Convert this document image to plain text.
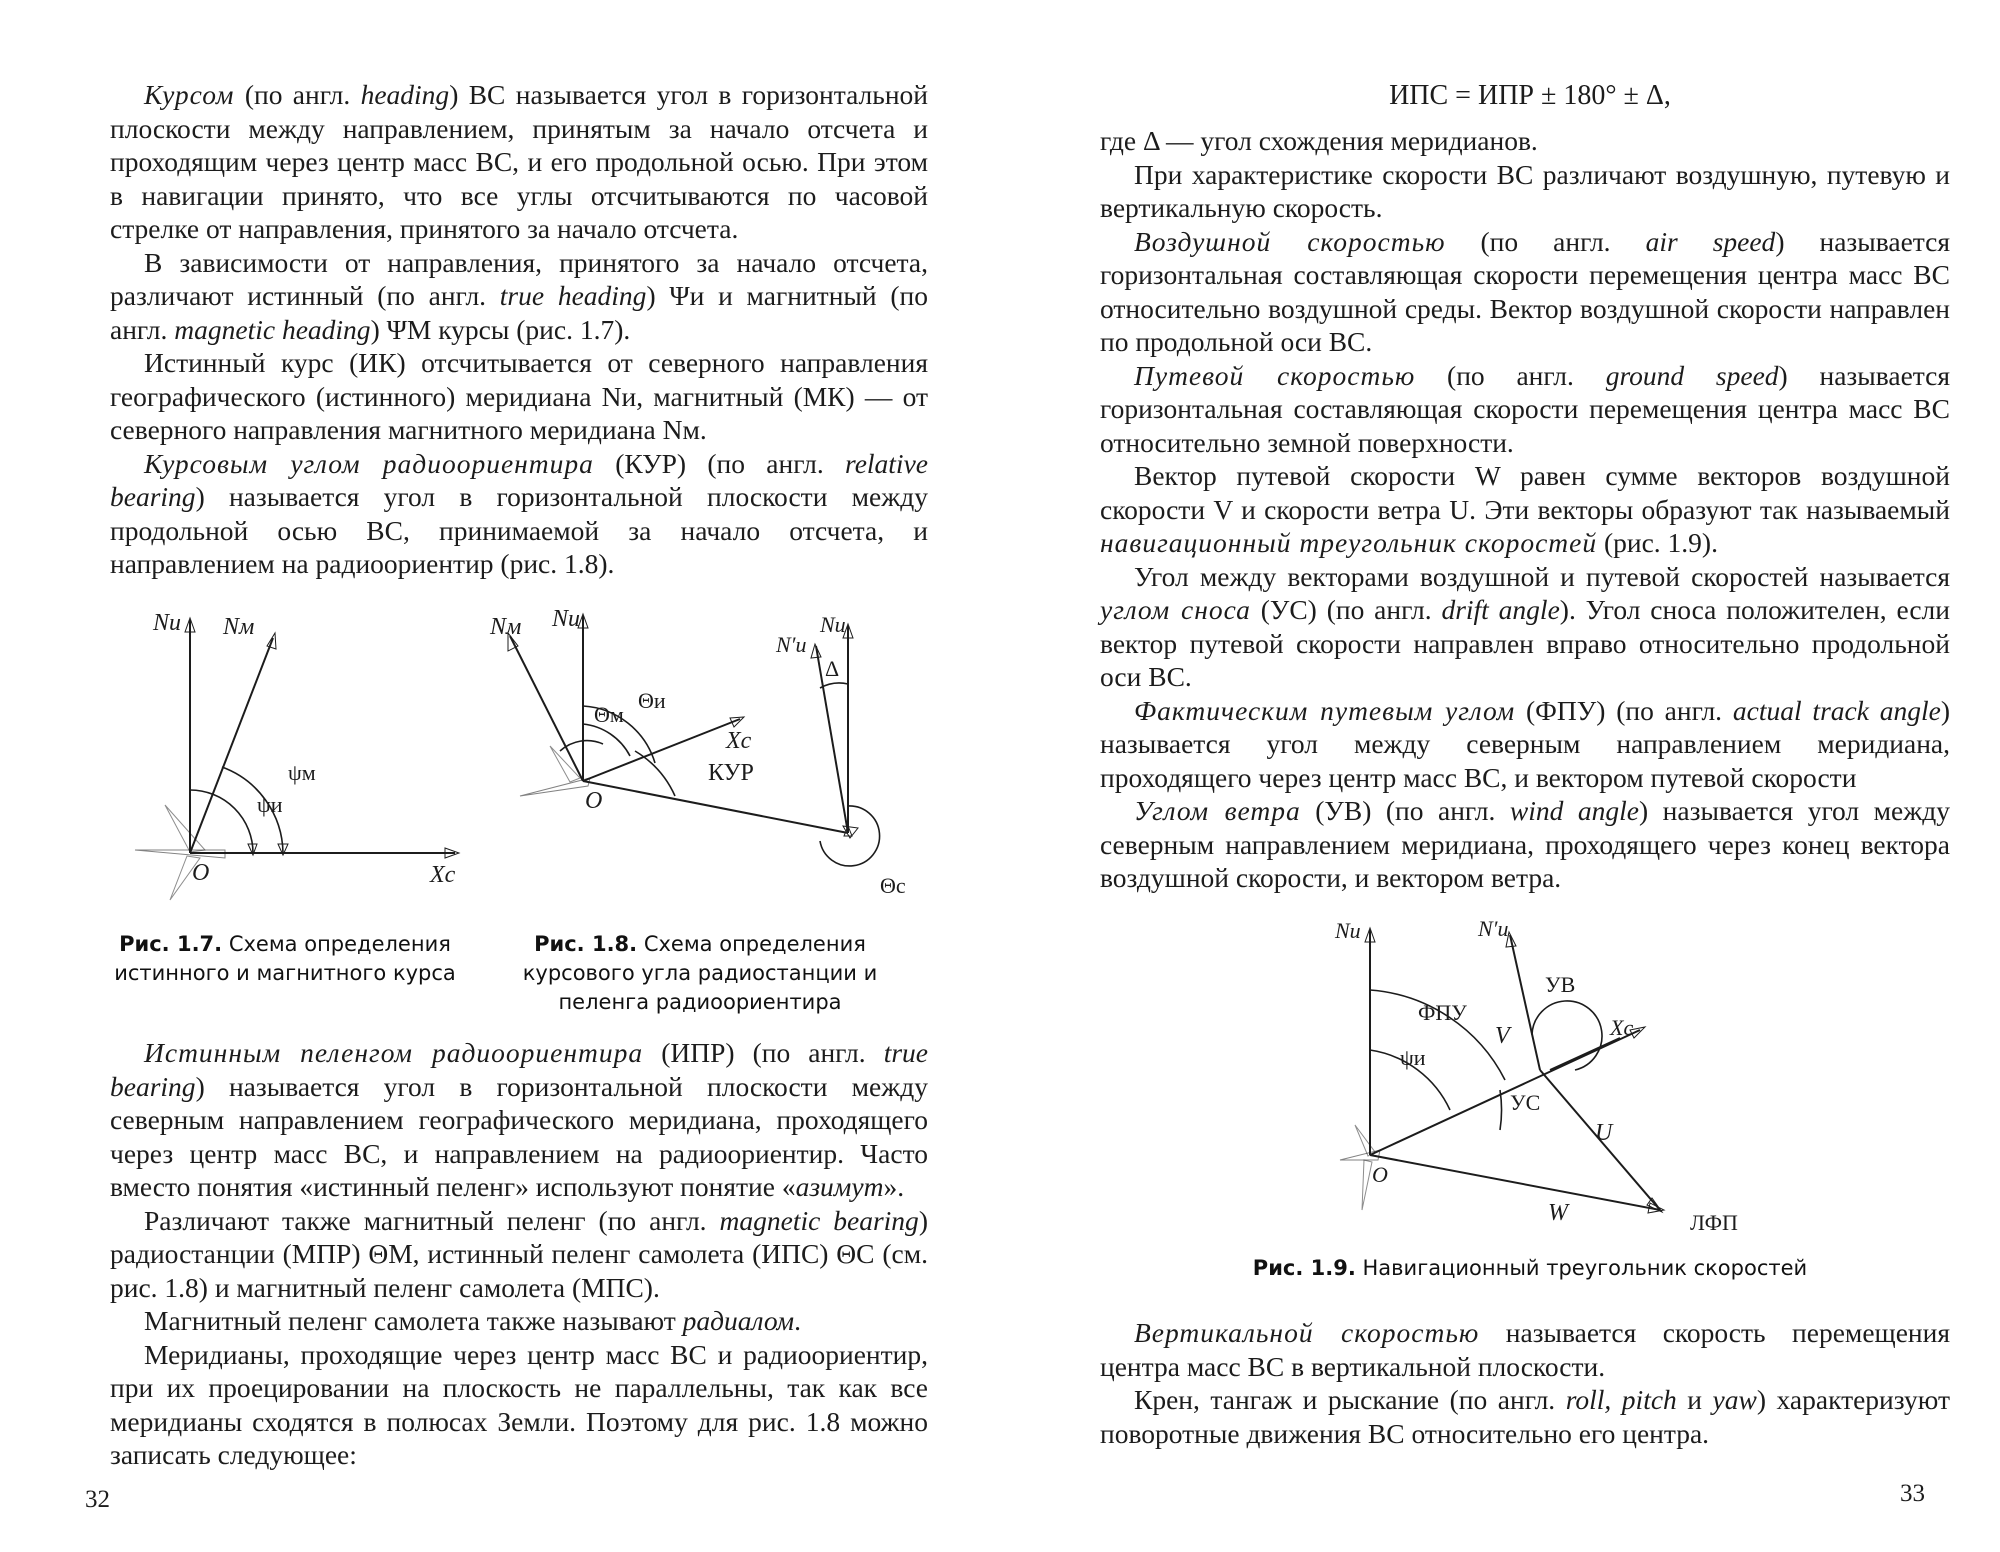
Курсом (по англ. heading) ВС называется угол в горизонтальной плоскости между направлением, принятым за начало отсчета и проходящим через центр масс ВС, и его продольной осью. При этом в навигации принято, что все углы отсчитываются по часовой стрелке от направления, принятого за начало отсчета.

В зависимости от направления, принятого за начало отсчета, различают истинный (по англ. true heading) Ψи и магнитный (по англ. magnetic heading) ΨМ курсы (рис. 1.7).

Истинный курс (ИК) отсчитывается от северного направления географического (истинного) меридиана Nи, магнитный (МК) — от северного направления магнитного меридиана Nм.

Курсовым углом радиоориентира (КУР) (по англ. relative bearing) называется угол в горизонтальной плоскости между продольной осью ВС, принимаемой за начало отсчета, и направлением на радиоориентир (рис. 1.8).

Nи Nм
ψм
ψи
O	Xс
Nм Nи
Θм
Θи
Xс
КУР
O
N′и
Nи
Δ
Θс
Рис. 1.7. Схема определения истинного и магнитного курса
Рис. 1.8. Схема определения курсового угла радиостанции и пеленга радиоориентира

Истинным пеленгом радиоориентира (ИПР) (по англ. true bearing) называется угол в горизонтальной плоскости между северным направлением географического меридиана, проходящего через центр масс ВС, и направлением на радиоориентир. Часто вместо понятия «истинный пеленг» используют понятие «азимут».

Различают также магнитный пеленг (по англ. magnetic bearing) радиостанции (МПР) ΘМ, истинный пеленг самолета (ИПС) ΘС (см. рис. 1.8) и магнитный пеленг самолета (МПС).

Магнитный пеленг самолета также называют радиалом.

Меридианы, проходящие через центр масс ВС и радиоориентир, при их проецировании на плоскость не параллельны, так как все меридианы сходятся в полюсах Земли. Поэтому для рис. 1.8 можно записать следующее:

32
ИПС = ИПР ± 180° ± Δ,

где Δ — угол схождения меридианов.

При характеристике скорости ВС различают воздушную, путевую и вертикальную скорость.

Воздушной скоростью (по англ. air speed) называется горизонтальная составляющая скорости перемещения центра масс ВС относительно воздушной среды. Вектор воздушной скорости направлен по продольной оси ВС.

Путевой скоростью (по англ. ground speed) называется горизонтальная составляющая скорости перемещения центра масс ВС относительно земной поверхности.

Вектор путевой скорости W равен сумме векторов воздушной скорости V и скорости ветра U. Эти векторы образуют так называемый навигационный треугольник скоростей (рис. 1.9).

Угол между векторами воздушной и путевой скоростей называется углом сноса (УС) (по англ. drift angle). Угол сноса положителен, если вектор путевой скорости направлен вправо относительно продольной оси ВС.

Фактическим путевым углом (ФПУ) (по англ. actual track angle) называется угол между северным направлением меридиана, проходящего через центр масс ВС, и вектором путевой скорости

Углом ветра (УВ) (по англ. wind angle) называется угол между северным направлением меридиана, проходящего через конец вектора воздушной скорости, и вектором ветра.

Nи	N′и
УВ
ФПУ
V	Xс
ψи
УС
O
U
W	ЛФП
Рис. 1.9. Навигационный треугольник скоростей

Вертикальной скоростью называется скорость перемещения центра масс ВС в вертикальной плоскости.

Крен, тангаж и рыскание (по англ. roll, pitch и yaw) характеризуют поворотные движения ВС относительно его центра.

33
